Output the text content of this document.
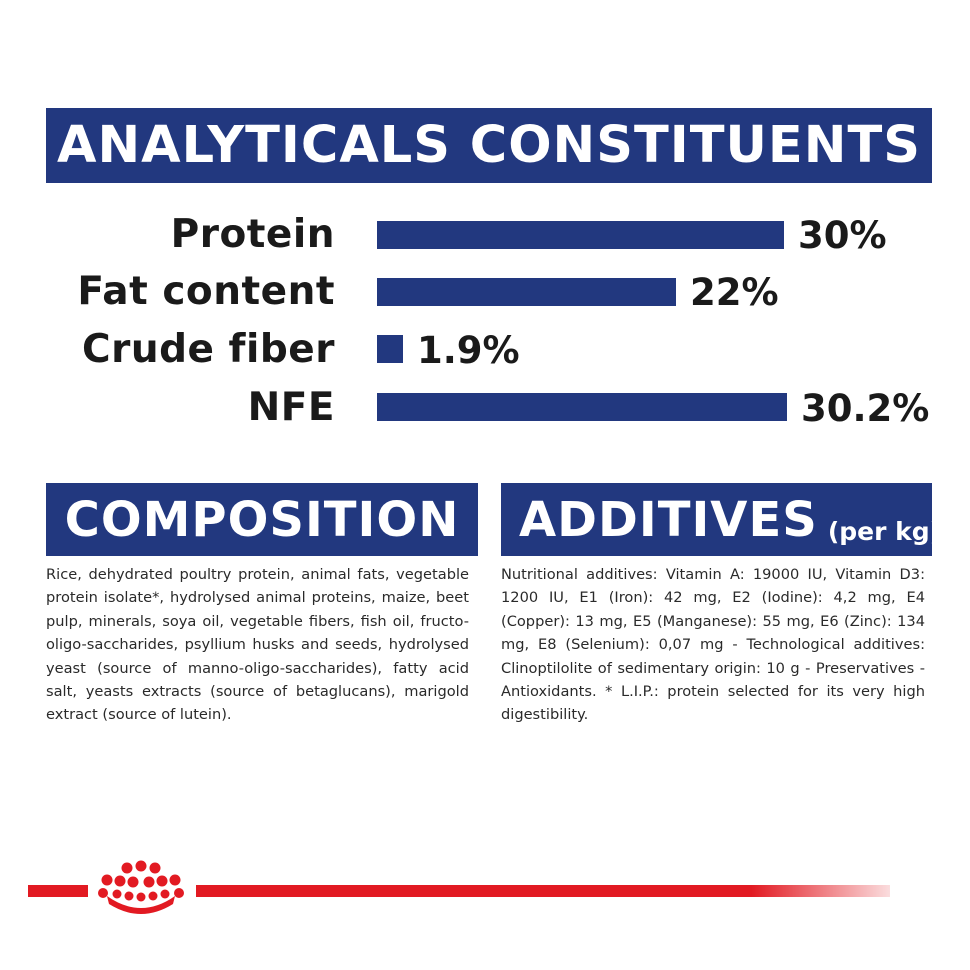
ANALYTICALS CONSTITUENTS
Protein	30%
Fat content	22%
Crude fiber 1.9%
NFE	30.2%
COMPOSITION

Rice, dehydrated poultry protein, animal fats, vegetable protein isolate*, hydrolysed animal proteins, maize, beet pulp, minerals, soya oil, vegetable fibers, fish oil, fructo- oligo-saccharides, psyllium husks and seeds, hydrolysed yeast (source of manno-oligo-saccharides), fatty acid salt, yeasts extracts (source of betaglucans), marigold extract (source of lutein).

ADDITIVES (per kg)

Nutritional additives: Vitamin A: 19000 IU, Vitamin D3: 1200 IU, E1 (Iron): 42 mg, E2 (Iodine): 4,2 mg, E4 (Copper): 13 mg, E5 (Manganese): 55 mg, E6 (Zinc): 134 mg, E8 (Selenium): 0,07 mg - Technological additives: Clinoptilolite of sedimentary origin: 10 g - Preservatives - Antioxidants. * L.I.P.: protein selected for its very high digestibility.
